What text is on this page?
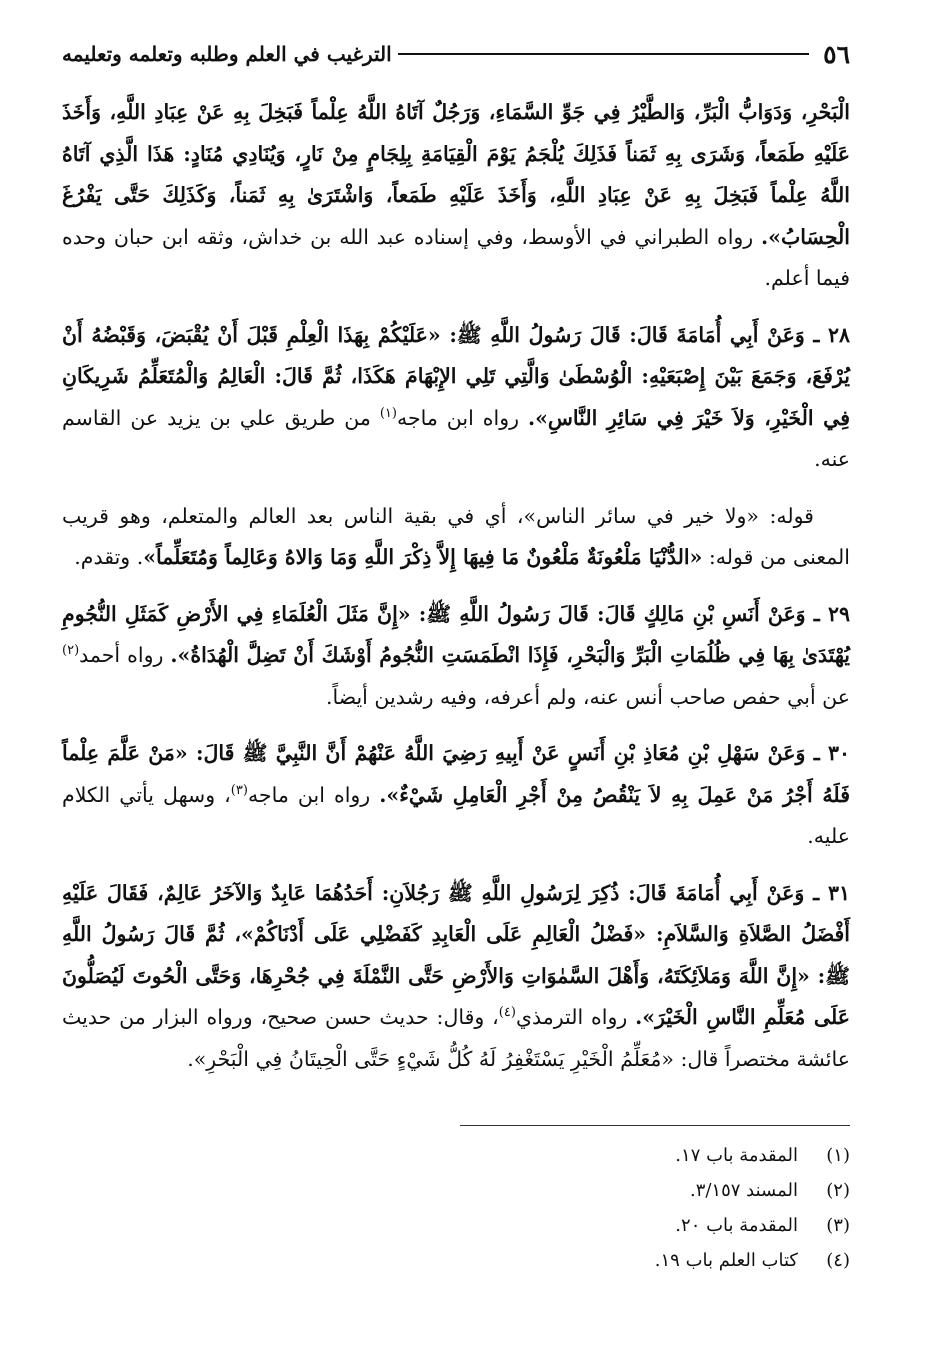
٥٦
الترغيب في العلم وطلبه وتعلمه وتعليمه

الْبَحْرِ، وَدَوَابُّ الْبَرِّ، وَالطَّيْرُ فِي جَوِّ السَّمَاءِ، وَرَجُلٌ آتَاهُ اللَّهُ عِلْماً فَبَخِلَ بِهِ عَنْ عِبَادِ اللَّهِ، وَأَخَذَ عَلَيْهِ طَمَعاً، وَشَرَى بِهِ ثَمَناً فَذَلِكَ يُلْجَمُ يَوْمَ الْقِيَامَةِ بِلِجَامٍ مِنْ نَارٍ، وَيُنَادِي مُنَادٍ: هَذَا الَّذِي آتَاهُ اللَّهُ عِلْماً فَبَخِلَ بِهِ عَنْ عِبَادِ اللَّهِ، وَأَخَذَ عَلَيْهِ طَمَعاً، وَاشْتَرَىٰ بِهِ ثَمَناً، وَكَذَلِكَ حَتَّى يَفْرُغَ الْحِسَابُ». رواه الطبراني في الأوسط، وفي إسناده عبد الله بن خداش، وثقه ابن حبان وحده فيما أعلم.

٢٨ ـ وَعَنْ أَبِي أُمَامَةَ قَالَ: قَالَ رَسُولُ اللَّهِ ﷺ: «عَلَيْكُمْ بِهَذَا الْعِلْمِ قَبْلَ أَنْ يُقْبَضَ، وَقَبْضُهُ أَنْ يُرْفَعَ، وَجَمَعَ بَيْنَ إِصْبَعَيْهِ: الْوُسْطَىٰ وَالَّتِي تَلِي الإِبْهَامَ هَكَذَا، ثُمَّ قَالَ: الْعَالِمُ وَالْمُتَعَلِّمُ شَرِيكَانِ فِي الْخَيْرِ، وَلاَ خَيْرَ فِي سَائِرِ النَّاسِ». رواه ابن ماجه$^{(١)}$ من طريق علي بن يزيد عن القاسم عنه.

قوله: «ولا خير في سائر الناس»، أي في بقية الناس بعد العالم والمتعلم، وهو قريب المعنى من قوله: «الدُّنْيَا مَلْعُونَةٌ مَلْعُونٌ مَا فِيهَا إِلاَّ ذِكْرَ اللَّهِ وَمَا وَالاهُ وَعَالِماً وَمُتَعَلِّماً». وتقدم.

٢٩ ـ وَعَنْ أَنَسِ بْنِ مَالِكٍ قَالَ: قَالَ رَسُولُ اللَّهِ ﷺ: «إِنَّ مَثَلَ الْعُلَمَاءِ فِي الأَرْضِ كَمَثَلِ النُّجُومِ يُهْتَدَىٰ بِهَا فِي ظُلُمَاتِ الْبَرِّ وَالْبَحْرِ، فَإِذَا انْطَمَسَتِ النُّجُومُ أَوْشَكَ أَنْ تَضِلَّ الْهُدَاةُ». رواه أحمد$^{(٢)}$ عن أبي حفص صاحب أنس عنه، ولم أعرفه، وفيه رشدين أيضاً.

٣٠ ـ وَعَنْ سَهْلِ بْنِ مُعَاذِ بْنِ أَنَسٍ عَنْ أَبِيهِ رَضِيَ اللَّهُ عَنْهُمْ أَنَّ النَّبِيَّ ﷺ قَالَ: «مَنْ عَلَّمَ عِلْماً فَلَهُ أَجْرُ مَنْ عَمِلَ بِهِ لاَ يَنْقُصُ مِنْ أَجْرِ الْعَامِلِ شَيْءٌ». رواه ابن ماجه$^{(٣)}$، وسهل يأتي الكلام عليه.

٣١ ـ وَعَنْ أَبِي أُمَامَةَ قَالَ: ذُكِرَ لِرَسُولِ اللَّهِ ﷺ رَجُلاَنِ: أَحَدُهُمَا عَابِدٌ وَالآخَرُ عَالِمٌ، فَقَالَ عَلَيْهِ أَفْضَلُ الصَّلاَةِ وَالسَّلاَمِ: «فَضْلُ الْعَالِمِ عَلَى الْعَابِدِ كَفَضْلِي عَلَى أَدْنَاكُمْ»، ثُمَّ قَالَ رَسُولُ اللَّهِ ﷺ: «إِنَّ اللَّهَ وَمَلاَئِكَتَهُ، وَأَهْلَ السَّمٰوَاتِ وَالأَرْضِ حَتَّى النَّمْلَةَ فِي جُحْرِهَا، وَحَتَّى الْحُوتَ لَيُصَلُّونَ عَلَى مُعَلِّمِ النَّاسِ الْخَيْرَ». رواه الترمذي$^{(٤)}$، وقال: حديث حسن صحيح، ورواه البزار من حديث عائشة مختصراً قال: «مُعَلِّمُ الْخَيْرِ يَسْتَغْفِرُ لَهُ كُلُّ شَيْءٍ حَتَّى الْحِيتَانُ فِي الْبَحْرِ».

(١)
المقدمة باب ١٧.
(٢)
المسند ٣/١٥٧.
(٣)
المقدمة باب ٢٠.
(٤)
كتاب العلم باب ١٩.
